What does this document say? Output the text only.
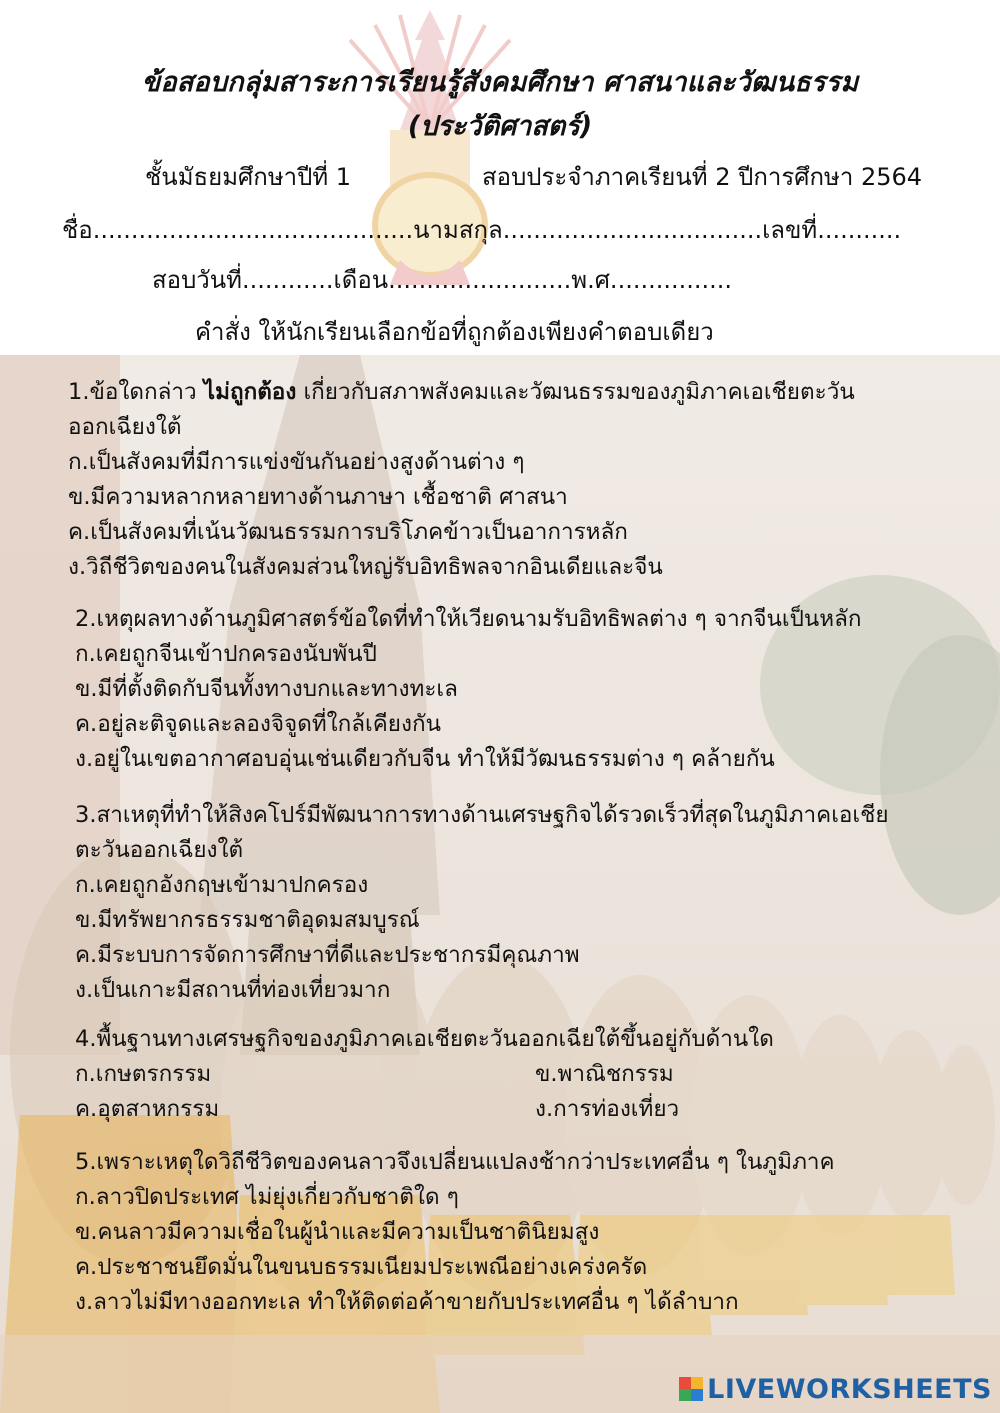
ข้อสอบกลุ่มสาระการเรียนรู้สังคมศึกษา ศาสนาและวัฒนธรรม
(ประวัติศาสตร์)
ชั้นมัธยมศึกษาปีที่ 1	สอบประจำภาคเรียนที่ 2 ปีการศึกษา 2564
ชื่อ..........................................นามสกุล..................................เลขที่...........
สอบวันที่............เดือน........................พ.ศ................
คำสั่ง ให้นักเรียนเลือกข้อที่ถูกต้องเพียงคำตอบเดียว
1.ข้อใดกล่าว ไม่ถูกต้อง เกี่ยวกับสภาพสังคมและวัฒนธรรมของภูมิภาคเอเชียตะวัน
ออกเฉียงใต้
ก.เป็นสังคมที่มีการแข่งขันกันอย่างสูงด้านต่าง ๆ
ข.มีความหลากหลายทางด้านภาษา เชื้อชาติ ศาสนา
ค.เป็นสังคมที่เน้นวัฒนธรรมการบริโภคข้าวเป็นอาการหลัก
ง.วิถีชีวิตของคนในสังคมส่วนใหญ่รับอิทธิพลจากอินเดียและจีน
2.เหตุผลทางด้านภูมิศาสตร์ข้อใดที่ทำให้เวียดนามรับอิทธิพลต่าง ๆ จากจีนเป็นหลัก
ก.เคยถูกจีนเข้าปกครองนับพันปี
ข.มีที่ตั้งติดกับจีนทั้งทางบกและทางทะเล
ค.อยู่ละติจูดและลองจิจูดที่ใกล้เคียงกัน
ง.อยู่ในเขตอากาศอบอุ่นเช่นเดียวกับจีน ทำให้มีวัฒนธรรมต่าง ๆ คล้ายกัน
3.สาเหตุที่ทำให้สิงคโปร์มีพัฒนาการทางด้านเศรษฐกิจได้รวดเร็วที่สุดในภูมิภาคเอเชีย
ตะวันออกเฉียงใต้
ก.เคยถูกอังกฤษเข้ามาปกครอง
ข.มีทรัพยากรธรรมชาติอุดมสมบูรณ์
ค.มีระบบการจัดการศึกษาที่ดีและประชากรมีคุณภาพ
ง.เป็นเกาะมีสถานที่ท่องเที่ยวมาก
4.พื้นฐานทางเศรษฐกิจของภูมิภาคเอเชียตะวันออกเฉียใต้ขึ้นอยู่กับด้านใด
ก.เกษตรกรรม	ข.พาณิชกรรม
ค.อุตสาหกรรม	ง.การท่องเที่ยว
5.เพราะเหตุใดวิถีชีวิตของคนลาวจึงเปลี่ยนแปลงช้ากว่าประเทศอื่น ๆ ในภูมิภาค
ก.ลาวปิดประเทศ ไม่ยุ่งเกี่ยวกับชาติใด ๆ
ข.คนลาวมีความเชื่อในผู้นำและมีความเป็นชาตินิยมสูง
ค.ประชาชนยึดมั่นในขนบธรรมเนียมประเพณีอย่างเคร่งครัด
ง.ลาวไม่มีทางออกทะเล ทำให้ติดต่อค้าขายกับประเทศอื่น ๆ ได้ลำบาก
LIVEWORKSHEETS
